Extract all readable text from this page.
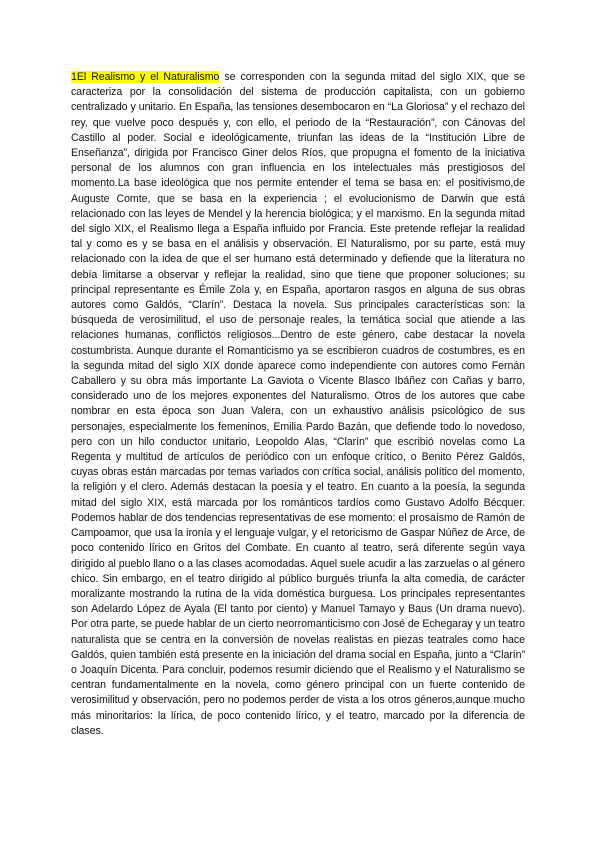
1El Realismo y el Naturalismo se corresponden con la segunda mitad del siglo XIX, que se caracteriza por la consolidación del sistema de producción capitalista, con un gobierno centralizado y unitario. En España, las tensiones desembocaron en “La Gloriosa” y el rechazo del rey, que vuelve poco después y, con ello, el periodo de la “Restauración”, con Cánovas del Castillo al poder. Social e ideológicamente, triunfan las ideas de la “Institución Libre de Enseñanza”, dirigida por Francisco Giner delos Ríos, que propugna el fomento de la iniciativa personal de los alumnos con gran influencia en los intelectuales más prestigiosos del momento.La base ideológica que nos permite entender el tema se basa en: el positivismo,de Auguste Comte, que se basa en la experiencia ; el evolucionismo de Darwin que está relacionado con las leyes de Mendel y la herencia biológica; y el marxismo. En la segunda mitad del siglo XIX, el Realismo llega a España influido por Francia. Este pretende reflejar la realidad tal y como es y se basa en el análisis y observación. El Naturalismo, por su parte, está muy relacionado con la idea de que el ser humano está determinado y defiende que la literatura no debía limitarse a observar y reflejar la realidad, sino que tiene que proponer soluciones; su principal representante es Émile Zola y, en España, aportaron rasgos en alguna de sus obras autores como Galdós, “Clarín”. Destaca la novela. Sus principales características son: la búsqueda de verosimilitud, el uso de personaje reales, la temática social que atiende a las relaciones humanas, conflictos religiosos...Dentro de este género, cabe destacar la novela costumbrista. Aunque durante el Romanticismo ya se escribieron cuadros de costumbres, es en la segunda mitad del siglo XIX donde aparece como independiente con autores como Fernán Caballero y su obra más importante La Gaviota o Vicente Blasco Ibáñez con Cañas y barro, considerado uno de los mejores exponentes del Naturalismo. Otros de los autores que cabe nombrar en esta época son Juan Valera, con un exhaustivo análisis psicológico de sus personajes, especialmente los femeninos, Emilia Pardo Bazán, que defiende todo lo novedoso, pero con un hilo conductor unitario, Leopoldo Alas, “Clarín” que escribió novelas como La Regenta y multitud de artículos de periódico con un enfoque crítico, o Benito Pérez Galdós, cuyas obras están marcadas por temas variados con crítica social, análisis político del momento, la religión y el clero. Además destacan la poesía y el teatro. En cuanto a la poesía, la segunda mitad del siglo XIX, está marcada por los románticos tardíos como Gustavo Adolfo Bécquer. Podemos hablar de dos tendencias representativas de ese momento: el prosaísmo de Ramón de Campoamor, que usa la ironía y el lenguaje vulgar, y el retoricismo de Gaspar Núñez de Arce, de poco contenido lírico en Gritos del Combate. En cuanto al teatro, será diferente según vaya dirigido al pueblo llano o a las clases acomodadas. Aquel suele acudir a las zarzuelas o al género chico. Sin embargo, en el teatro dirigido al público burgués triunfa la alta comedia, de carácter moralizante mostrando la rutina de la vida doméstica burguesa. Los principales representantes son Adelardo López de Ayala (El tanto por ciento) y Manuel Tamayo y Baus (Un drama nuevo). Por otra parte, se puede hablar de un cierto neorromanticismo con José de Echegaray y un teatro naturalista que se centra en la conversión de novelas realistas en piezas teatrales como hace Galdós, quien también está presente en la iniciación del drama social en España, junto a “Clarín” o Joaquín Dicenta. Para concluir, podemos resumir diciendo que el Realismo y el Naturalismo se centran fundamentalmente en la novela, como género principal con un fuerte contenido de verosimilitud y observación, pero no podemos perder de vista a los otros géneros,aunque mucho más minoritarios: la lírica, de poco contenido lírico, y el teatro, marcado por la diferencia de clases.
